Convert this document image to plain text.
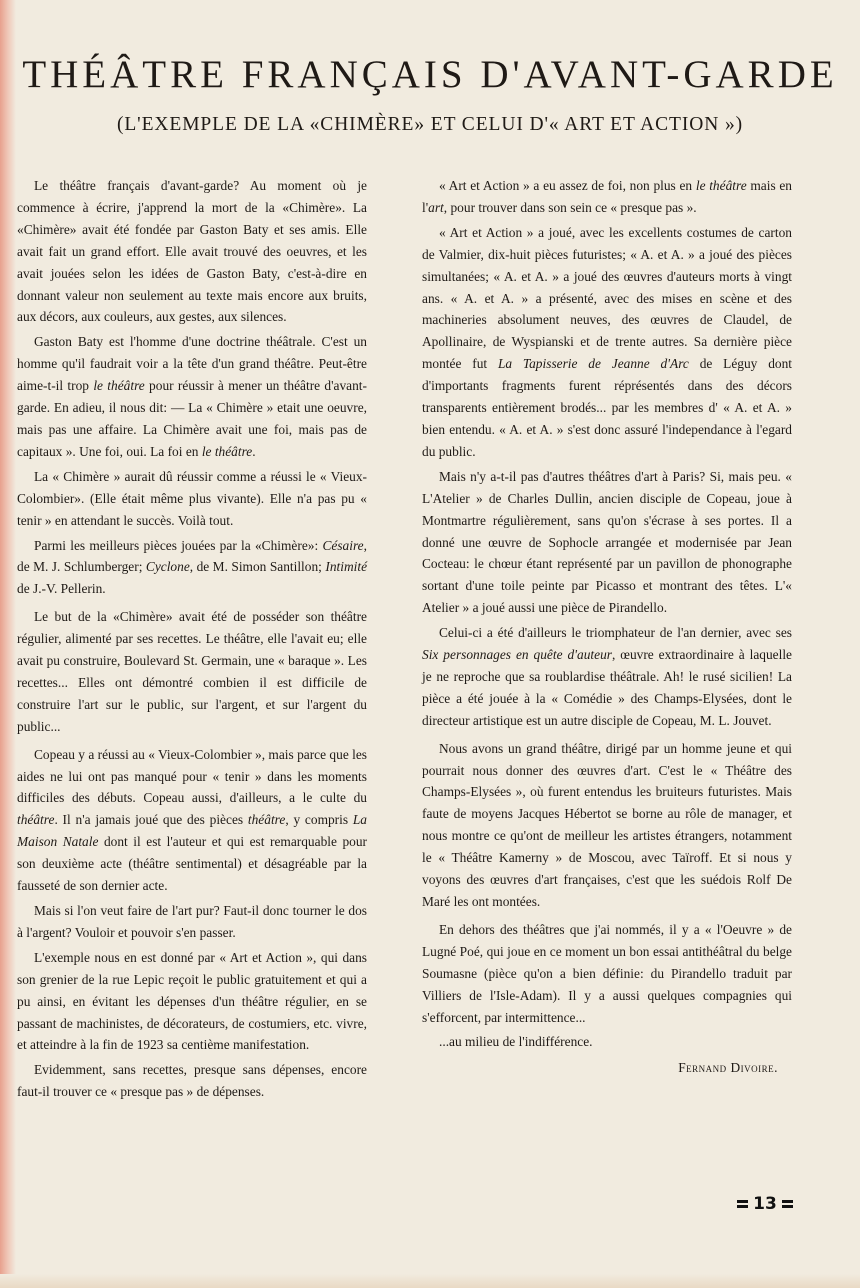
THÉÂTRE FRANÇAIS D'AVANT-GARDE
(L'EXEMPLE DE LA «CHIMÈRE» ET CELUI D'« ART ET ACTION »)

Le théâtre français d'avant-garde? Au moment où je commence à écrire, j'apprend la mort de la «Chimère». La «Chimère» avait été fondée par Gaston Baty et ses amis. Elle avait fait un grand effort. Elle avait trouvé des oeuvres, et les avait jouées selon les idées de Gaston Baty, c'est-à-dire en donnant valeur non seulement au texte mais encore aux bruits, aux décors, aux couleurs, aux gestes, aux silences.

Gaston Baty est l'homme d'une doctrine théâtrale. C'est un homme qu'il faudrait voir a la tête d'un grand théâtre. Peut-être aime-t-il trop le théâtre pour réussir à mener un théâtre d'avant-garde. En adieu, il nous dit: — La « Chimère » etait une oeuvre, mais pas une affaire. La Chimère avait une foi, mais pas de capitaux ». Une foi, oui. La foi en le théâtre.

La « Chimère » aurait dû réussir comme a réussi le « Vieux-Colombier». (Elle était même plus vivante). Elle n'a pas pu « tenir » en attendant le succès. Voilà tout.

Parmi les meilleurs pièces jouées par la «Chimère»: Césaire, de M. J. Schlumberger; Cyclone, de M. Simon Santillon; Intimité de J.-V. Pellerin.

Le but de la «Chimère» avait été de posséder son théâtre régulier, alimenté par ses recettes. Le théâtre, elle l'avait eu; elle avait pu construire, Boulevard St. Germain, une « baraque ». Les recettes... Elles ont démontré combien il est difficile de construire l'art sur le public, sur l'argent, et sur l'argent du public...

Copeau y a réussi au « Vieux-Colombier », mais parce que les aides ne lui ont pas manqué pour « tenir » dans les moments difficiles des débuts. Copeau aussi, d'ailleurs, a le culte du théâtre. Il n'a jamais joué que des pièces théâtre, y compris La Maison Natale dont il est l'auteur et qui est remarquable pour son deuxième acte (théâtre sentimental) et désagréable par la fausseté de son dernier acte.

Mais si l'on veut faire de l'art pur? Faut-il donc tourner le dos à l'argent? Vouloir et pouvoir s'en passer.

L'exemple nous en est donné par « Art et Action », qui dans son grenier de la rue Lepic reçoit le public gratuitement et qui a pu ainsi, en évitant les dépenses d'un théâtre régulier, en se passant de machinistes, de décorateurs, de costumiers, etc. vivre, et atteindre à la fin de 1923 sa centième manifestation.

Evidemment, sans recettes, presque sans dépenses, encore faut-il trouver ce « presque pas » de dépenses.

« Art et Action » a eu assez de foi, non plus en le théâtre mais en l'art, pour trouver dans son sein ce « presque pas ».

« Art et Action » a joué, avec les excellents costumes de carton de Valmier, dix-huit pièces futuristes; « A. et A. » a joué des pièces simultanées; « A. et A. » a joué des œuvres d'auteurs morts à vingt ans. « A. et A. » a présenté, avec des mises en scène et des machineries absolument neuves, des œuvres de Claudel, de Apollinaire, de Wyspianski et de trente autres. Sa dernière pièce montée fut La Tapisserie de Jeanne d'Arc de Léguy dont d'importants fragments furent réprésentés dans des décors transparents entièrement brodés... par les membres d' « A. et A. » bien entendu. « A. et A. » s'est donc assuré l'independance à l'egard du public.

Mais n'y a-t-il pas d'autres théâtres d'art à Paris? Si, mais peu. « L'Atelier » de Charles Dullin, ancien disciple de Copeau, joue à Montmartre régulièrement, sans qu'on s'écrase à ses portes. Il a donné une œuvre de Sophocle arrangée et modernisée par Jean Cocteau: le chœur étant représenté par un pavillon de phonographe sortant d'une toile peinte par Picasso et montrant des têtes. L'« Atelier » a joué aussi une pièce de Pirandello.

Celui-ci a été d'ailleurs le triomphateur de l'an dernier, avec ses Six personnages en quête d'auteur, œuvre extraordinaire à laquelle je ne reproche que sa roublardise théâtrale. Ah! le rusé sicilien! La pièce a été jouée à la « Comédie » des Champs-Elysées, dont le directeur artistique est un autre disciple de Copeau, M. L. Jouvet.

Nous avons un grand théâtre, dirigé par un homme jeune et qui pourrait nous donner des œuvres d'art. C'est le « Théâtre des Champs-Elysées », où furent entendus les bruiteurs futuristes. Mais faute de moyens Jacques Hébertot se borne au rôle de manager, et nous montre ce qu'ont de meilleur les artistes étrangers, notamment le « Théâtre Kamerny » de Moscou, avec Taïroff. Et si nous y voyons des œuvres d'art françaises, c'est que les suédois Rolf De Maré les ont montées.

En dehors des théâtres que j'ai nommés, il y a « l'Oeuvre » de Lugné Poé, qui joue en ce moment un bon essai antithéâtral du belge Soumasne (pièce qu'on a bien définie: du Pirandello traduit par Villiers de l'Isle-Adam). Il y a aussi quelques compagnies qui s'efforcent, par intermittence...

...au milieu de l'indifférence.

Fernand Divoire.

13
